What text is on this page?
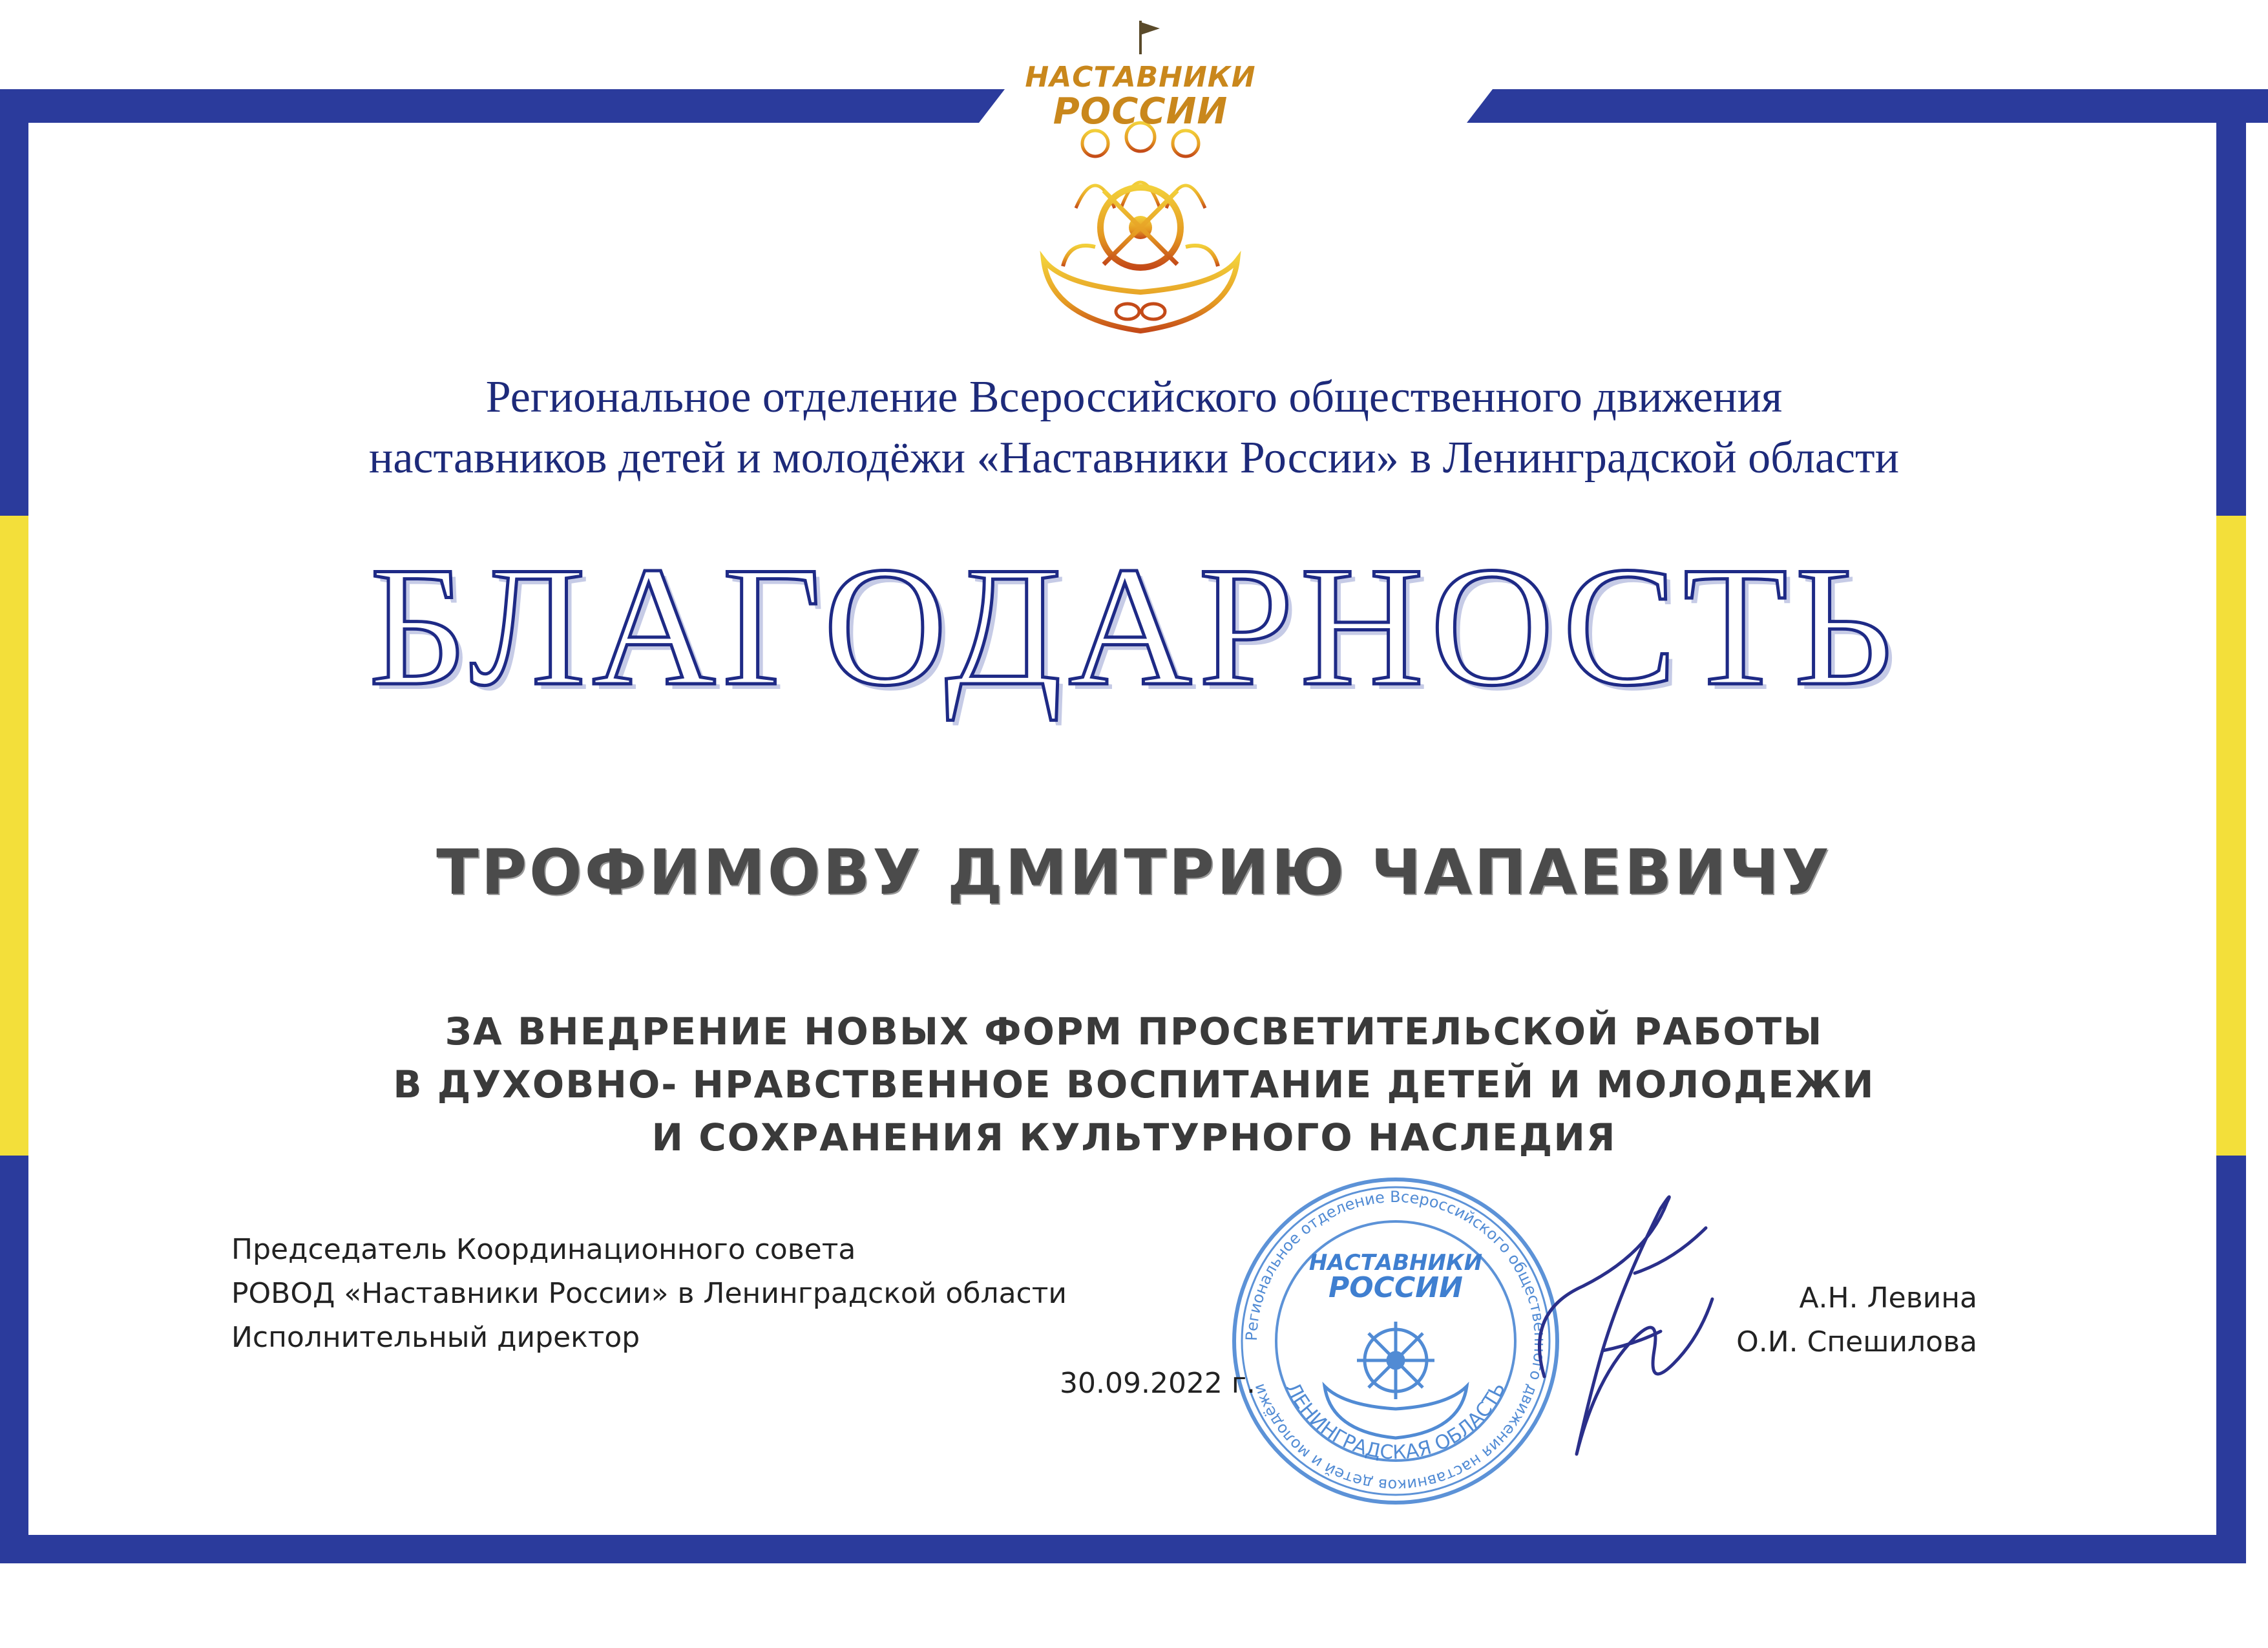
НАСТАВНИКИ
РОССИИ
Региональное отделение Всероссийского общественного движения
наставников детей и молодёжи «Наставники России» в Ленинградской области
БЛАГОДАРНОСТЬ
ТРОФИМОВУ ДМИТРИЮ ЧАПАЕВИЧУ
ЗА ВНЕДРЕНИЕ НОВЫХ ФОРМ ПРОСВЕТИТЕЛЬСКОЙ РАБОТЫ
В ДУХОВНО- НРАВСТВЕННОЕ ВОСПИТАНИЕ ДЕТЕЙ И МОЛОДЕЖИ
И СОХРАНЕНИЯ КУЛЬТУРНОГО НАСЛЕДИЯ
Председатель Координационного совета
РОВОД «Наставники России» в Ленинградской области
Исполнительный директор	Региональное отделение Всероссийского общественного движения наставников детей и молодёжи ЛЕНИНГРАДСКАЯ ОБЛАСТЬ
НАСТАВНИКИ
РОССИИ
30.09.2022 г.
А.Н. Левина
О.И. Спешилова
